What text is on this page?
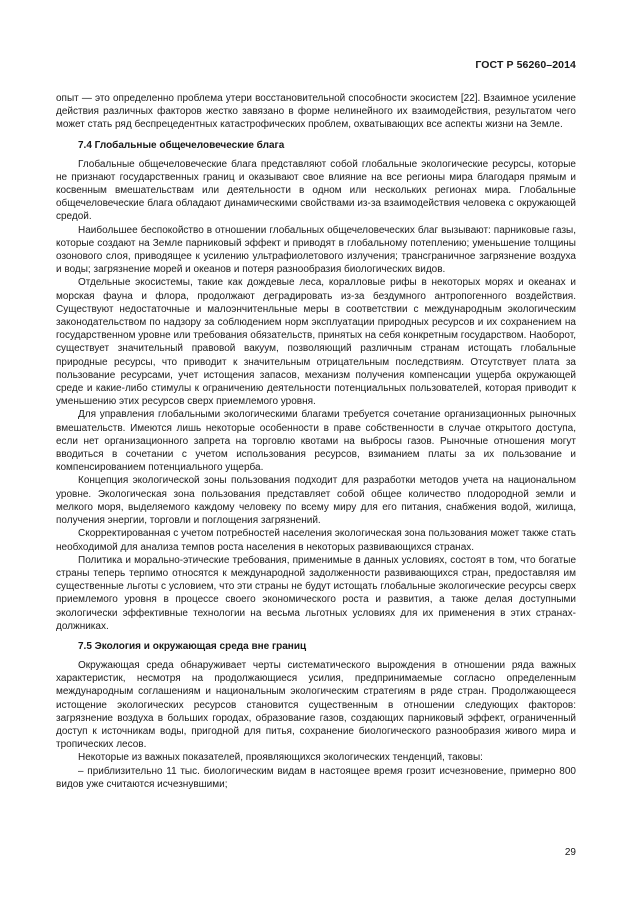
ГОСТ Р 56260–2014

опыт — это определенно проблема утери восстановительной способности экосистем [22]. Взаимное усиление действия различных факторов жестко завязано в форме нелинейного их взаимодействия, результатом чего может стать ряд беспрецедентных катастрофических проблем, охватывающих все аспекты жизни на Земле.

7.4 Глобальные общечеловеческие блага

Глобальные общечеловеческие блага представляют собой глобальные экологические ресурсы, которые не признают государственных границ и оказывают свое влияние на все регионы мира благодаря прямым и косвенным вмешательствам или деятельности в одном или нескольких регионах мира. Глобальные общечеловеческие блага обладают динамическими свойствами из-за взаимодействия человека с окружающей средой.

Наибольшее беспокойство в отношении глобальных общечеловеческих благ вызывают: парниковые газы, которые создают на Земле парниковый эффект и приводят в глобальному потеплению; уменьшение толщины озонового слоя, приводящее к усилению ультрафиолетового излучения; трансграничное загрязнение воздуха и воды; загрязнение морей и океанов и потеря разнообразия биологических видов.

Отдельные экосистемы, такие как дождевые леса, коралловые рифы в некоторых морях и океанах и морская фауна и флора, продолжают деградировать из-за бездумного антропогенного воздействия. Существуют недостаточные и малоэнчитенльные меры в соответствии с международным экологическим законодательством по надзору за соблюдением норм эксплуатации природных ресурсов и их сохранением на государственном уровне или требования обязательств, принятых на себя конкретным государством. Наоборот, существует значительный правовой вакуум, позволяющий различным странам истощать глобальные природные ресурсы, что приводит к значительным отрицательным последствиям. Отсутствует плата за пользование ресурсами, учет истощения запасов, механизм получения компенсации ущерба окружающей среде и какие-либо стимулы к ограничению деятельности потенциальных пользователей, которая приводит к уменьшению этих ресурсов сверх приемлемого уровня.

Для управления глобальными экологическими благами требуется сочетание организационных рыночных вмешательств. Имеются лишь некоторые особенности в праве собственности в случае открытого доступа, если нет организационного запрета на торговлю квотами на выбросы газов. Рыночные отношения могут вводиться в сочетании с учетом использования ресурсов, взиманием платы за их пользование и компенсированием потенциального ущерба.

Концепция экологической зоны пользования подходит для разработки методов учета на национальном уровне. Экологическая зона пользования представляет собой общее количество плодородной земли и мелкого моря, выделяемого каждому человеку по всему миру для его питания, снабжения водой, жилища, получения энергии, торговли и поглощения загрязнений.

Скорректированная с учетом потребностей населения экологическая зона пользования может также стать необходимой для анализа темпов роста населения в некоторых развивающихся странах.

Политика и морально-этические требования, применимые в данных условиях, состоят в том, что богатые страны теперь терпимо относятся к международной задолженности развивающихся стран, предоставляя им существенные льготы с условием, что эти страны не будут истощать глобальные экологические ресурсы сверх приемлемого уровня в процессе своего экономического роста и развития, а также делая доступными экологически эффективные технологии на весьма льготных условиях для их применения в этих странах-должниках.

7.5 Экология и окружающая среда вне границ

Окружающая среда обнаруживает черты систематического вырождения в отношении ряда важных характеристик, несмотря на продолжающиеся усилия, предпринимаемые согласно определенным международным соглашениям и национальным экологическим стратегиям в ряде стран. Продолжающееся истощение экологических ресурсов становится существенным в отношении следующих факторов: загрязнение воздуха в больших городах, образование газов, создающих парниковый эффект, ограниченный доступ к источникам воды, пригодной для питья, сохранение биологического разнообразия живого мира и тропических лесов.

Некоторые из важных показателей, проявляющихся экологических тенденций, таковы:

– приблизительно 11 тыс. биологическим видам в настоящее время грозит исчезновение, примерно 800 видов уже считаются исчезнувшими;

29
